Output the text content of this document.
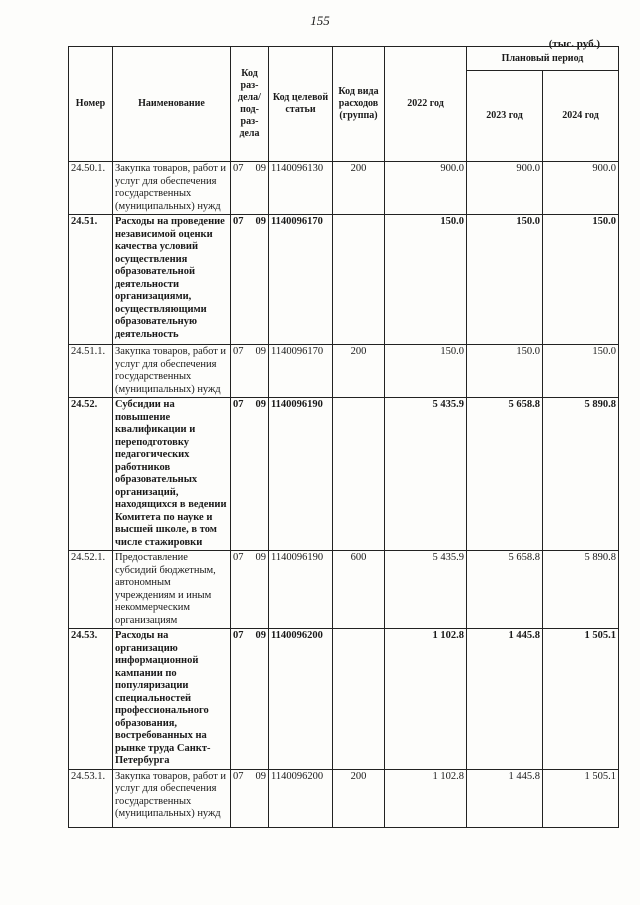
155
(тыс. руб.)
Номер	Наименование	Код раз-дела/ под-раз-дела	Код целевой статьи	Код вида расходов (группа)	2022 год	Плановый период	
						2023 год	2024 год
24.50.1.	Закупка товаров, работ и услуг для обеспечения государственных (муниципальных) нужд	07 09	1140096130	200	900.0	900.0	900.0
24.51.	Расходы на проведение независимой оценки качества условий осуществления образовательной деятельности организациями, осуществляющими образовательную деятельность	07 09	1140096170		150.0	150.0	150.0
24.51.1.	Закупка товаров, работ и услуг для обеспечения государственных (муниципальных) нужд	07 09	1140096170	200	150.0	150.0	150.0
24.52.	Субсидии на повышение квалификации и переподготовку педагогических работников образовательных организаций, находящихся в ведении Комитета по науке и высшей школе, в том числе стажировки	07 09	1140096190		5 435.9	5 658.8	5 890.8
24.52.1.	Предоставление субсидий бюджетным, автономным учреждениям и иным некоммерческим организациям	07 09	1140096190	600	5 435.9	5 658.8	5 890.8
24.53.	Расходы на организацию информационной кампании по популяризации специальностей профессионального образования, востребованных на рынке труда Санкт-Петербурга	07 09	1140096200		1 102.8	1 445.8	1 505.1
24.53.1.	Закупка товаров, работ и услуг для обеспечения государственных (муниципальных) нужд	07 09	1140096200	200	1 102.8	1 445.8	1 505.1
